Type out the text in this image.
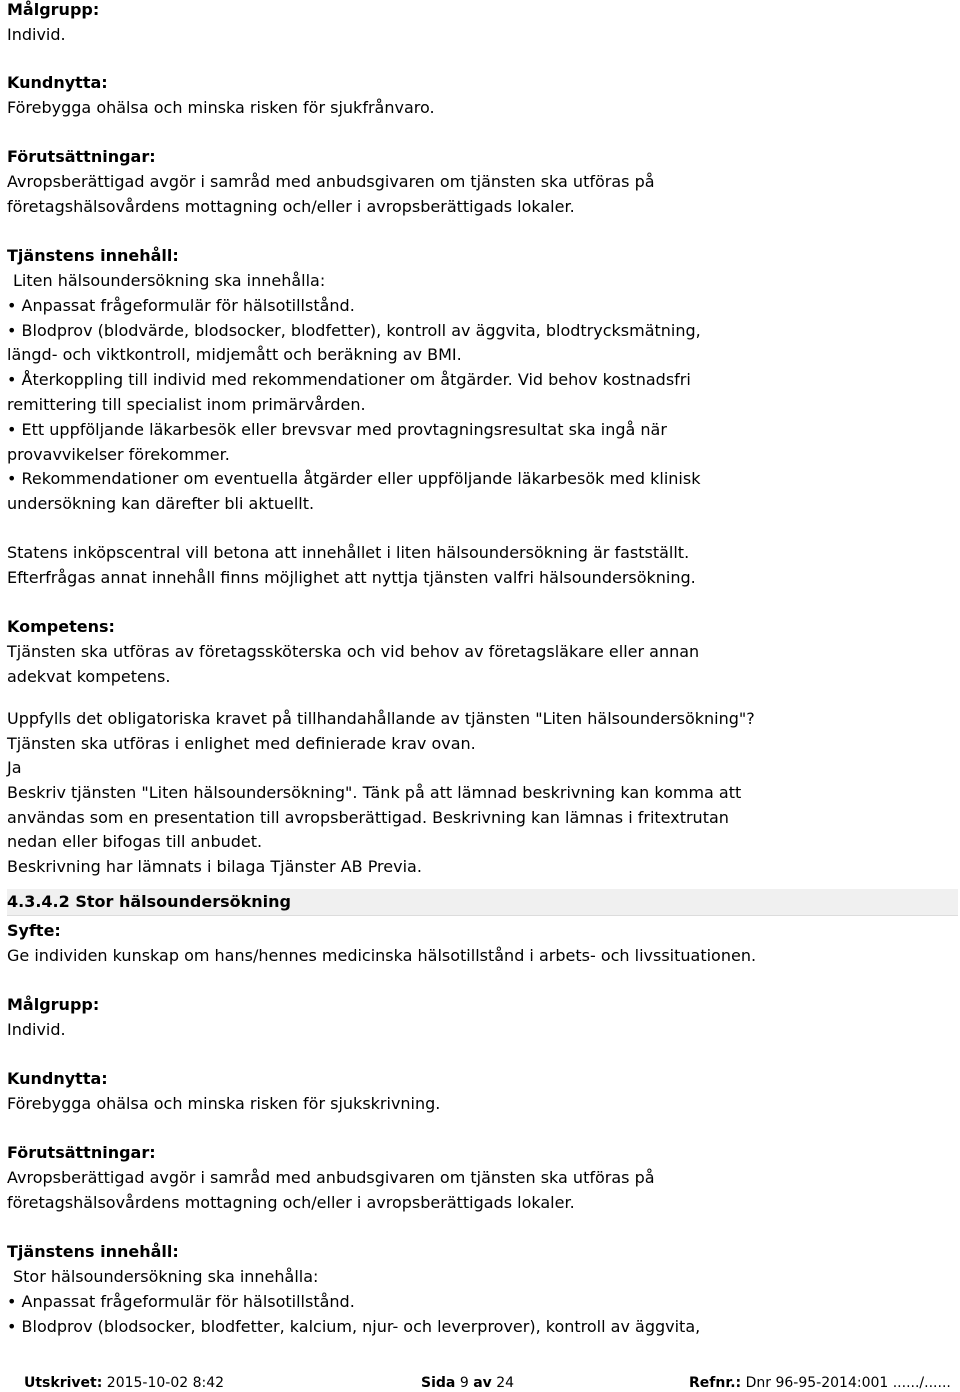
Målgrupp:
Individ.
Kundnytta:
Förebygga ohälsa och minska risken för sjukfrånvaro.
Förutsättningar:
Avropsberättigad avgör i samråd med anbudsgivaren om tjänsten ska utföras på
företagshälsovårdens mottagning och/eller i avropsberättigads lokaler.
Tjänstens innehåll:
Liten hälsoundersökning ska innehålla:
• Anpassat frågeformulär för hälsotillstånd.
• Blodprov (blodvärde, blodsocker, blodfetter), kontroll av äggvita, blodtrycksmätning,
längd- och viktkontroll, midjemått och beräkning av BMI.
• Återkoppling till individ med rekommendationer om åtgärder. Vid behov kostnadsfri
remittering till specialist inom primärvården.
• Ett uppföljande läkarbesök eller brevsvar med provtagningsresultat ska ingå när
provavvikelser förekommer.
• Rekommendationer om eventuella åtgärder eller uppföljande läkarbesök med klinisk
undersökning kan därefter bli aktuellt.
Statens inköpscentral vill betona att innehållet i liten hälsoundersökning är fastställt.
Efterfrågas annat innehåll finns möjlighet att nyttja tjänsten valfri hälsoundersökning.
Kompetens:
Tjänsten ska utföras av företagssköterska och vid behov av företagsläkare eller annan
adekvat kompetens.
Uppfylls det obligatoriska kravet på tillhandahållande av tjänsten "Liten hälsoundersökning"?
Tjänsten ska utföras i enlighet med definierade krav ovan.
Ja
Beskriv tjänsten "Liten hälsoundersökning". Tänk på att lämnad beskrivning kan komma att
användas som en presentation till avropsberättigad. Beskrivning kan lämnas i fritextrutan
nedan eller bifogas till anbudet.
Beskrivning har lämnats i bilaga Tjänster AB Previa.
Syfte:
Ge individen kunskap om hans/hennes medicinska hälsotillstånd i arbets- och livssituationen.
Målgrupp:
Individ.
Kundnytta:
Förebygga ohälsa och minska risken för sjukskrivning.
Förutsättningar:
Avropsberättigad avgör i samråd med anbudsgivaren om tjänsten ska utföras på
företagshälsovårdens mottagning och/eller i avropsberättigads lokaler.
Tjänstens innehåll:
Stor hälsoundersökning ska innehålla:
• Anpassat frågeformulär för hälsotillstånd.
• Blodprov (blodsocker, blodfetter, kalcium, njur- och leverprover), kontroll av äggvita,
4.3.4.2 Stor hälsoundersökning
Utskrivet: 2015-10-02 8:42	Sida 9 av 24	Refnr.: Dnr 96-95-2014:001 ....../......
